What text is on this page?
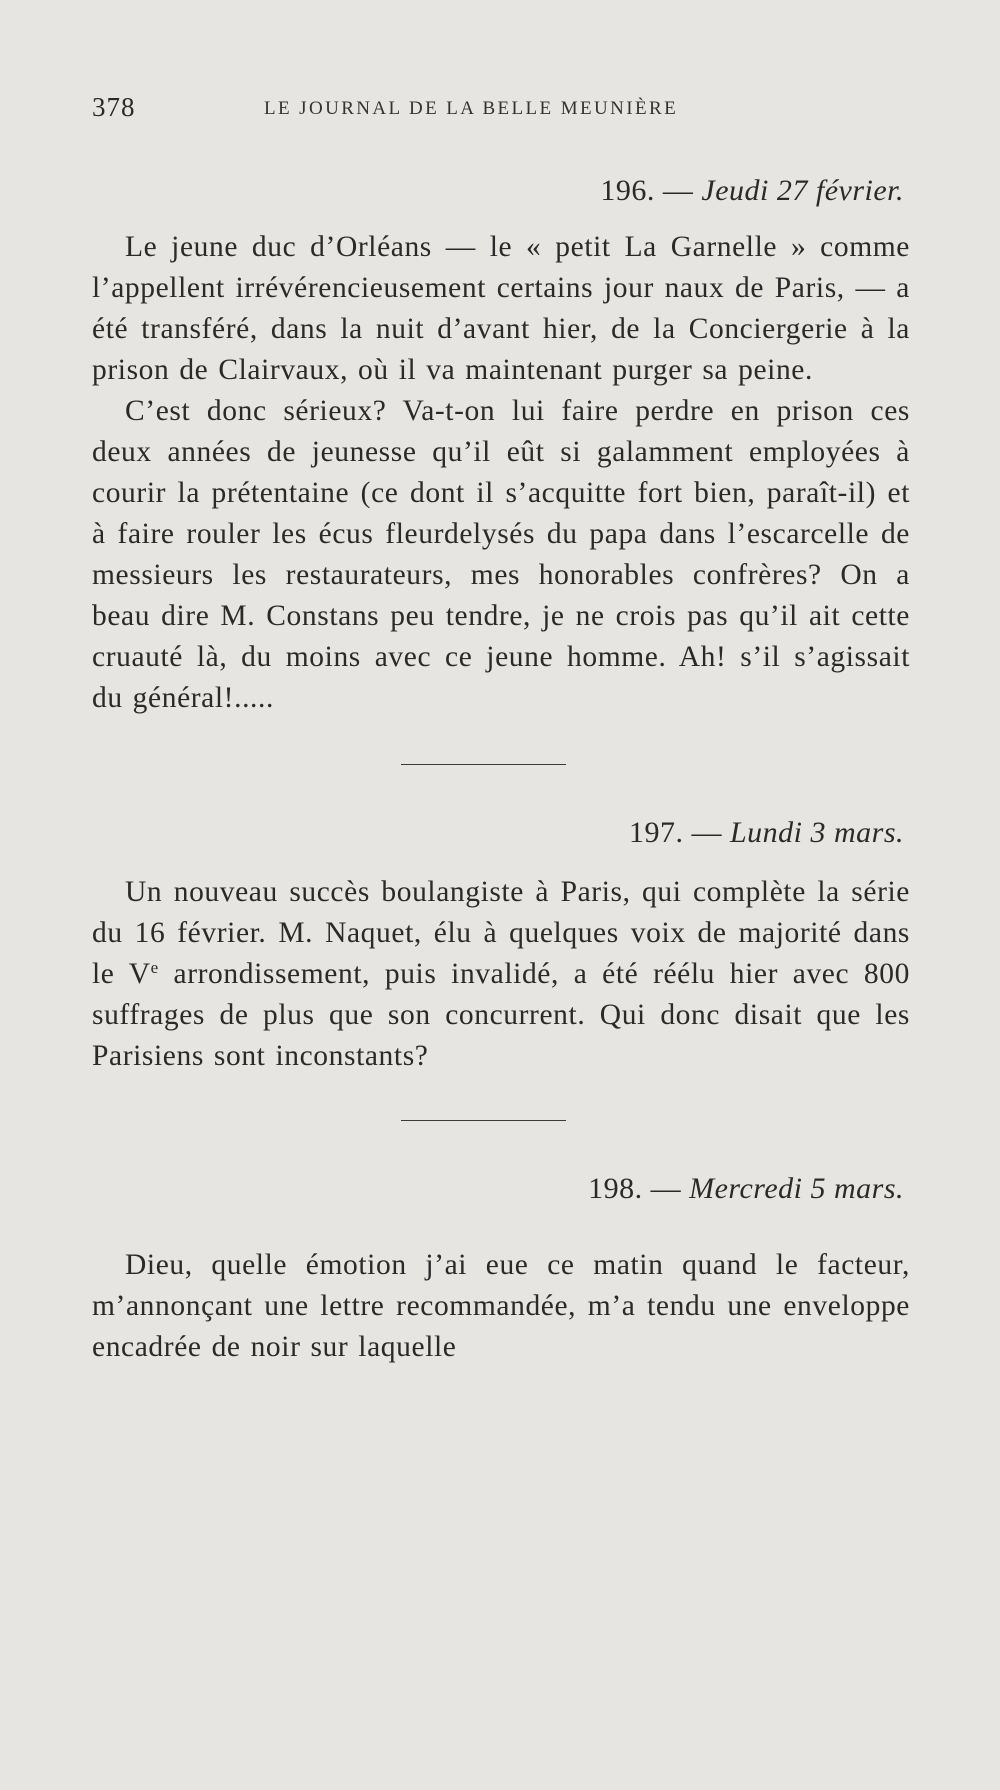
378	LE JOURNAL DE LA BELLE MEUNIÈRE
196. — Jeudi 27 février.

Le jeune duc d’Orléans — le « petit La Garnelle » comme l’appellent irrévérencieusement certains jour naux de Paris, — a été transféré, dans la nuit d’avant hier, de la Conciergerie à la prison de Clairvaux, où il va maintenant purger sa peine.

C’est donc sérieux? Va-t-on lui faire perdre en prison ces deux années de jeunesse qu’il eût si galamment employées à courir la prétentaine (ce dont il s’acquitte fort bien, paraît-il) et à faire rouler les écus fleurdelysés du papa dans l’escarcelle de messieurs les restaurateurs, mes honorables confrères? On a beau dire M. Constans peu tendre, je ne crois pas qu’il ait cette cruauté là, du moins avec ce jeune homme. Ah! s’il s’agissait du général!.....

197. — Lundi 3 mars.

Un nouveau succès boulangiste à Paris, qui complète la série du 16 février. M. Naquet, élu à quelques voix de majorité dans le Ve arrondissement, puis invalidé, a été réélu hier avec 800 suffrages de plus que son concurrent. Qui donc disait que les Parisiens sont inconstants?

198. — Mercredi 5 mars.

Dieu, quelle émotion j’ai eue ce matin quand le facteur, m’annonçant une lettre recommandée, m’a tendu une enveloppe encadrée de noir sur laquelle
